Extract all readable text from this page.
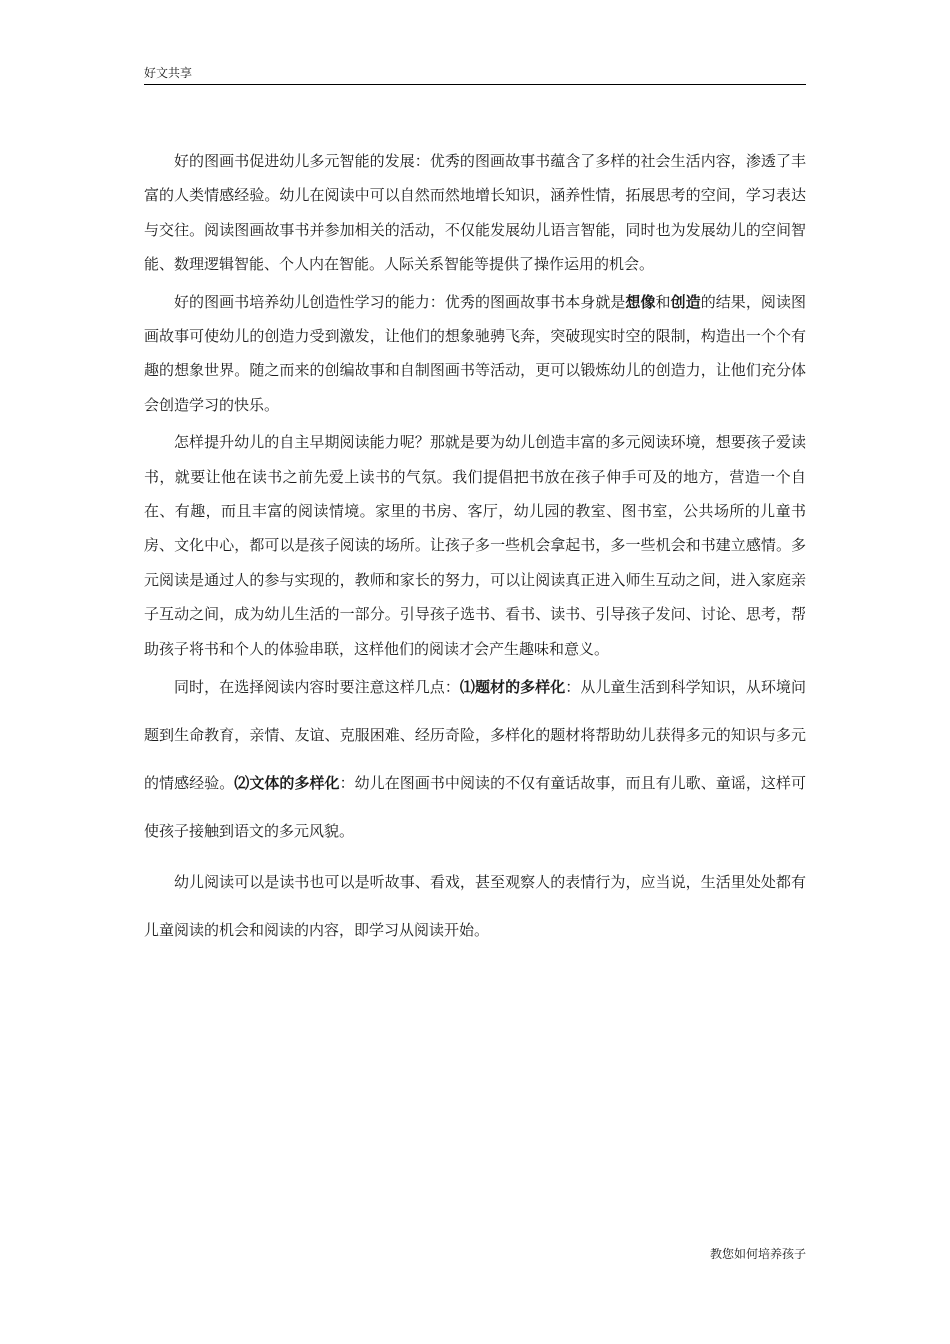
好文共享

好的图画书促进幼儿多元智能的发展：优秀的图画故事书蕴含了多样的社会生活内容，渗透了丰富的人类情感经验。幼儿在阅读中可以自然而然地增长知识，涵养性情，拓展思考的空间，学习表达与交往。阅读图画故事书并参加相关的活动，不仅能发展幼儿语言智能，同时也为发展幼儿的空间智能、数理逻辑智能、个人内在智能。人际关系智能等提供了操作运用的机会。

好的图画书培养幼儿创造性学习的能力：优秀的图画故事书本身就是想像和创造的结果，阅读图画故事可使幼儿的创造力受到激发，让他们的想象驰骋飞奔，突破现实时空的限制，构造出一个个有趣的想象世界。随之而来的创编故事和自制图画书等活动，更可以锻炼幼儿的创造力，让他们充分体会创造学习的快乐。

怎样提升幼儿的自主早期阅读能力呢？那就是要为幼儿创造丰富的多元阅读环境，想要孩子爱读书，就要让他在读书之前先爱上读书的气氛。我们提倡把书放在孩子伸手可及的地方，营造一个自在、有趣，而且丰富的阅读情境。家里的书房、客厅，幼儿园的教室、图书室，公共场所的儿童书房、文化中心，都可以是孩子阅读的场所。让孩子多一些机会拿起书，多一些机会和书建立感情。多元阅读是通过人的参与实现的，教师和家长的努力，可以让阅读真正进入师生互动之间，进入家庭亲子互动之间，成为幼儿生活的一部分。引导孩子选书、看书、读书、引导孩子发问、讨论、思考，帮助孩子将书和个人的体验串联，这样他们的阅读才会产生趣味和意义。

同时，在选择阅读内容时要注意这样几点：⑴题材的多样化：从儿童生活到科学知识，从环境问题到生命教育，亲情、友谊、克服困难、经历奇险，多样化的题材将帮助幼儿获得多元的知识与多元的情感经验。⑵文体的多样化：幼儿在图画书中阅读的不仅有童话故事，而且有儿歌、童谣，这样可使孩子接触到语文的多元风貌。

幼儿阅读可以是读书也可以是听故事、看戏，甚至观察人的表情行为，应当说，生活里处处都有儿童阅读的机会和阅读的内容，即学习从阅读开始。

教您如何培养孩子
